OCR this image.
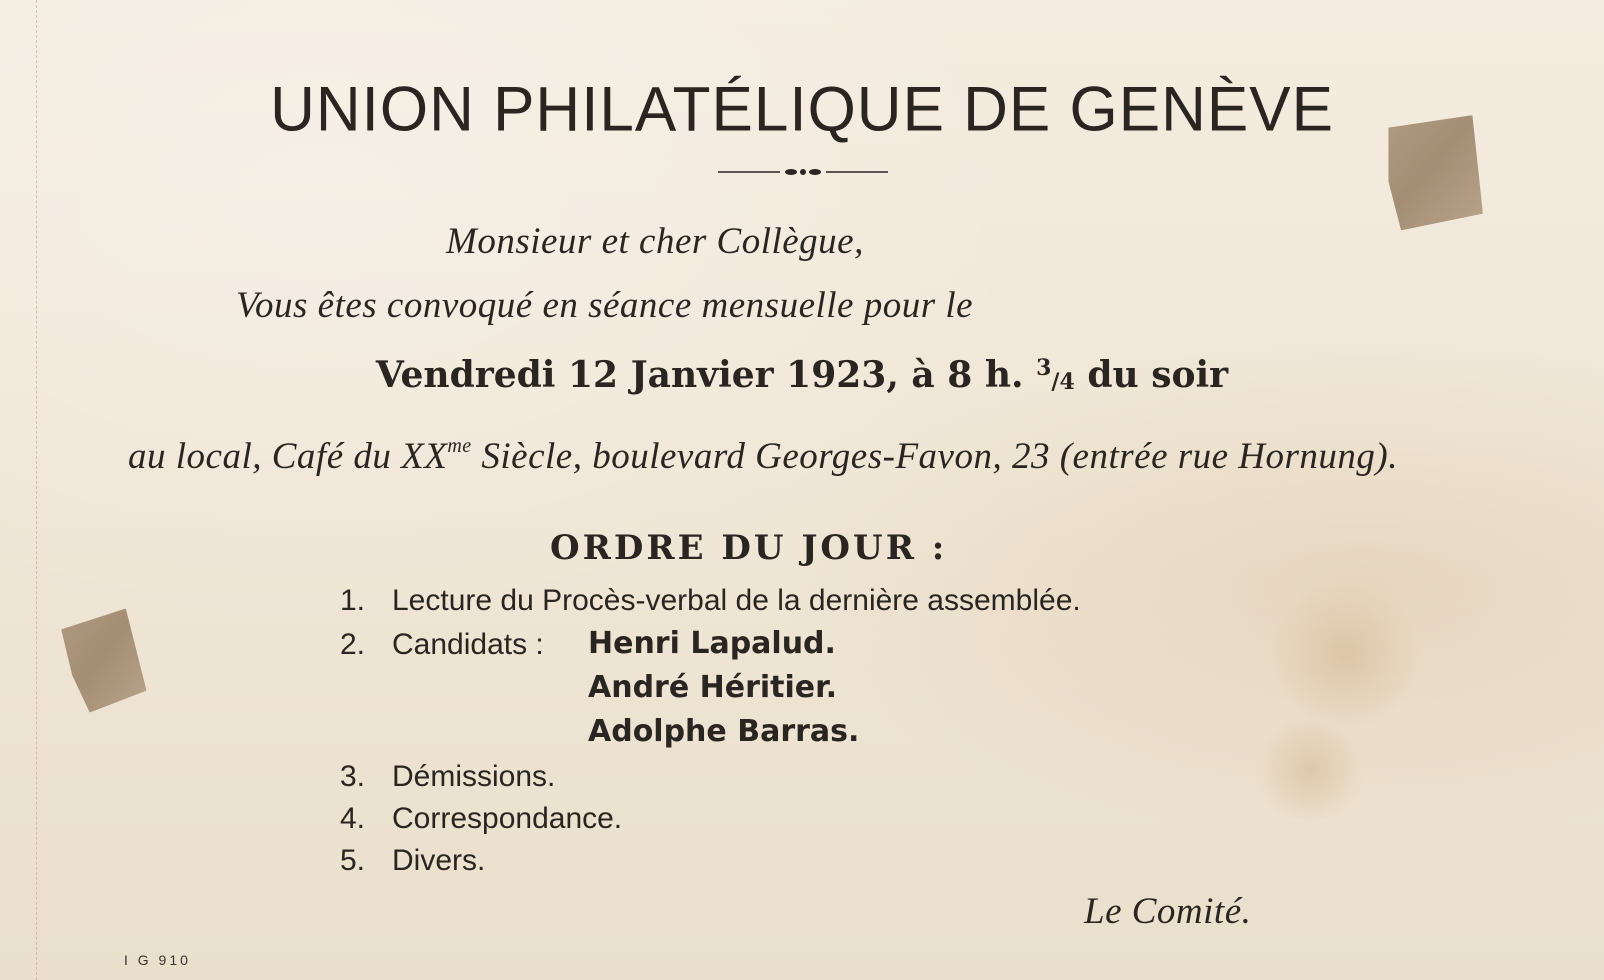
UNION PHILATÉLIQUE DE GENÈVE
Monsieur et cher Collègue,
Vous êtes convoqué en séance mensuelle pour le
Vendredi 12 Janvier 1923, à 8 h. $^3$/4 du soir
au local, Café du $XX^{me}$ Siècle, boulevard Georges-Favon, 23 (entrée rue Hornung).
ORDRE DU JOUR :
1. Lecture du Procès-verbal de la dernière assemblée.
2. Candidats : Henri Lapalud.
André Héritier.
Adolphe Barras.
3. Démissions.
4. Correspondance.
5. Divers.
Le Comité.
I G 910
